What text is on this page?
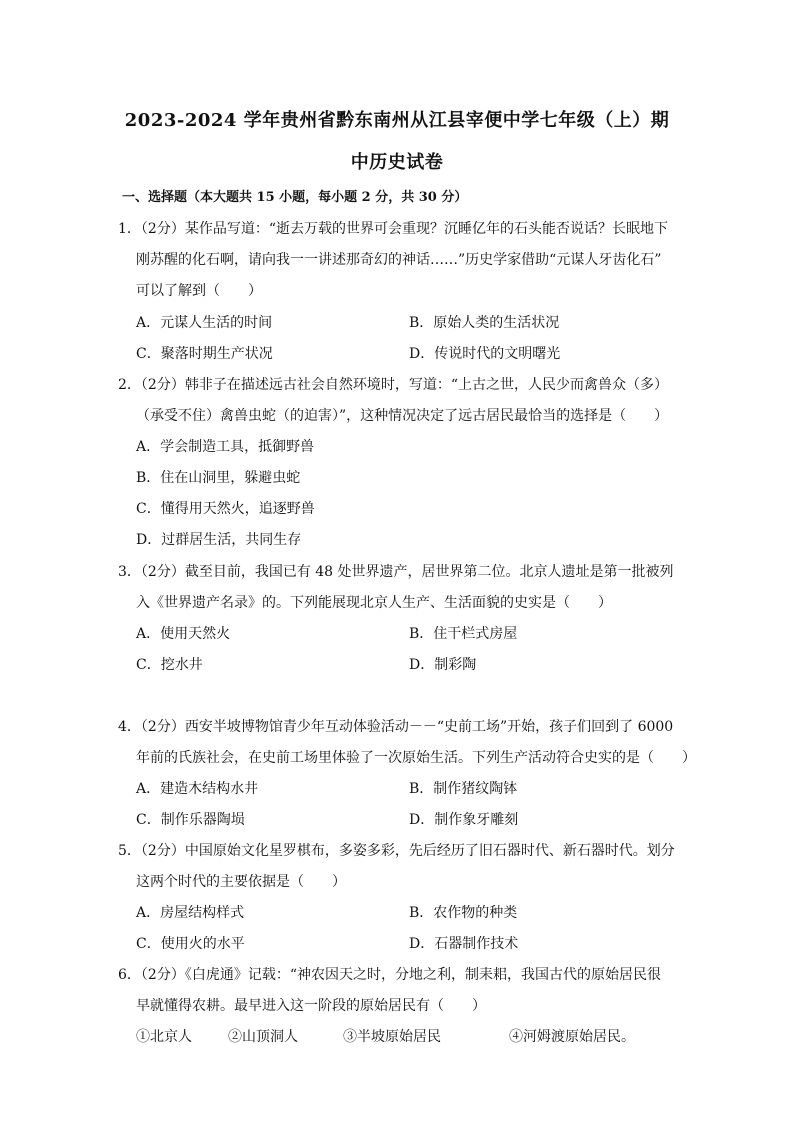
2023-2024 学年贵州省黔东南州从江县宰便中学七年级（上）期
中历史试卷
一、选择题（本大题共 15 小题，每小题 2 分，共 30 分）
1．（2分）某作品写道：“逝去万载的世界可会重现？沉睡亿年的石头能否说话？长眠地下
刚苏醒的化石啊，请向我一一讲述那奇幻的神话……”历史学家借助“元谋人牙齿化石”
可以了解到（　　）
A．元谋人生活的时间	B．原始人类的生活状况
C．聚落时期生产状况	D．传说时代的文明曙光
2．（2分）韩非子在描述远古社会自然环境时，写道：“上古之世，人民少而禽兽众（多）
（承受不住）禽兽虫蛇（的迫害）”，这种情况决定了远古居民最恰当的选择是（　　）
A．学会制造工具，抵御野兽
B．住在山洞里，躲避虫蛇
C．懂得用天然火，追逐野兽
D．过群居生活，共同生存
3．（2分）截至目前，我国已有 48 处世界遗产，居世界第二位。北京人遗址是第一批被列
入《世界遗产名录》的。下列能展现北京人生产、生活面貌的史实是（　　）
A．使用天然火	B．住干栏式房屋
C．挖水井	D．制彩陶
4．（2分）西安半坡博物馆青少年互动体验活动－－“史前工场”开始，孩子们回到了 6000
年前的氏族社会，在史前工场里体验了一次原始生活。下列生产活动符合史实的是（　　）
A．建造木结构水井	B．制作猪纹陶钵
C．制作乐器陶埙	D．制作象牙雕刻
5．（2分）中国原始文化星罗棋布，多姿多彩，先后经历了旧石器时代、新石器时代。划分
这两个时代的主要依据是（　　）
A．房屋结构样式	B．农作物的种类
C．使用火的水平	D．石器制作技术
6．（2分）《白虎通》记载：“神农因天之时，分地之利，制耒耜，我国古代的原始居民很
早就懂得农耕。最早进入这一阶段的原始居民有（　　）
①北京人	②山顶洞人	③半坡原始居民	④河姆渡原始居民。
